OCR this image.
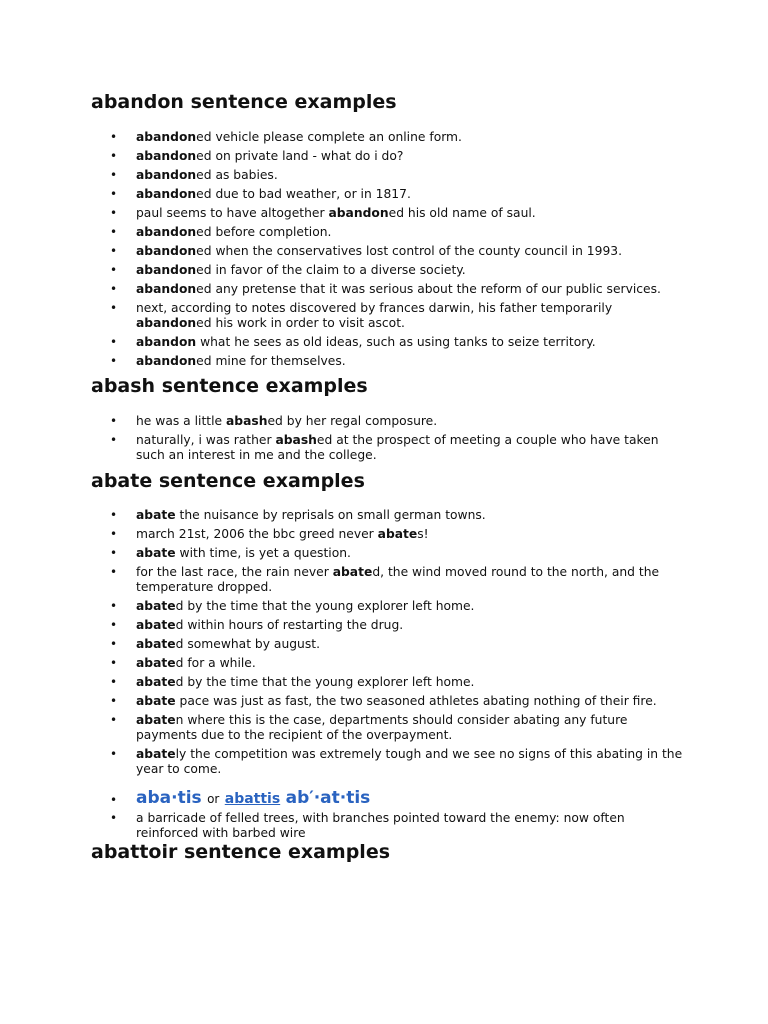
abandon sentence examples
• abandoned vehicle please complete an online form.
• abandoned on private land - what do i do?
• abandoned as babies.
• abandoned due to bad weather, or in 1817.
• paul seems to have altogether abandoned his old name of saul.
• abandoned before completion.
• abandoned when the conservatives lost control of the county council in 1993.
• abandoned in favor of the claim to a diverse society.
• abandoned any pretense that it was serious about the reform of our public services.
• next, according to notes discovered by frances darwin, his father temporarily abandoned his work in order to visit ascot.
• abandon what he sees as old ideas, such as using tanks to seize territory.
• abandoned mine for themselves.
abash sentence examples
• he was a little abashed by her regal composure.
• naturally, i was rather abashed at the prospect of meeting a couple who have taken such an interest in me and the college.
abate sentence examples
• abate the nuisance by reprisals on small german towns.
• march 21st, 2006 the bbc greed never abates!
• abate with time, is yet a question.
• for the last race, the rain never abated, the wind moved round to the north, and the temperature dropped.
• abated by the time that the young explorer left home.
• abated within hours of restarting the drug.
• abated somewhat by august.
• abated for a while.
• abated by the time that the young explorer left home.
• abate pace was just as fast, the two seasoned athletes abating nothing of their fire.
• abaten where this is the case, departments should consider abating any future payments due to the recipient of the overpayment.
• abately the competition was extremely tough and we see no signs of this abating in the year to come.
• aba·tis or abattis ab′·at·tis
• a barricade of felled trees, with branches pointed toward the enemy: now often reinforced with barbed wire
abattoir sentence examples
